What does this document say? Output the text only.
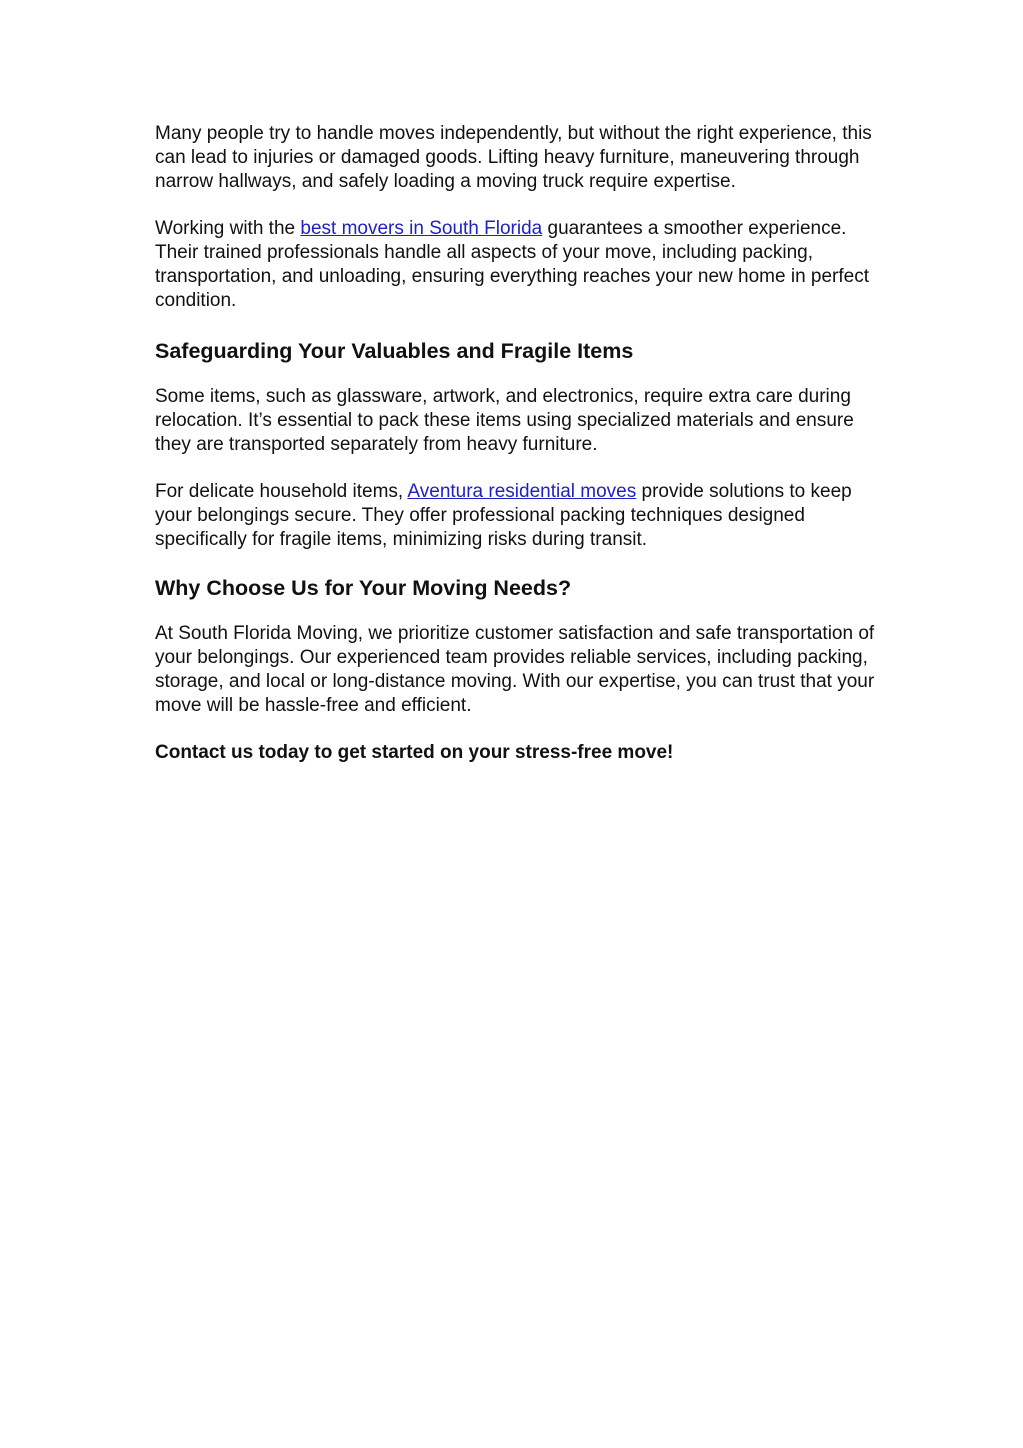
Many people try to handle moves independently, but without the right experience, this can lead to injuries or damaged goods. Lifting heavy furniture, maneuvering through narrow hallways, and safely loading a moving truck require expertise.

Working with the best movers in South Florida guarantees a smoother experience. Their trained professionals handle all aspects of your move, including packing, transportation, and unloading, ensuring everything reaches your new home in perfect condition.

Safeguarding Your Valuables and Fragile Items

Some items, such as glassware, artwork, and electronics, require extra care during relocation. It’s essential to pack these items using specialized materials and ensure they are transported separately from heavy furniture.

For delicate household items, Aventura residential moves provide solutions to keep your belongings secure. They offer professional packing techniques designed specifically for fragile items, minimizing risks during transit.

Why Choose Us for Your Moving Needs?

At South Florida Moving, we prioritize customer satisfaction and safe transportation of your belongings. Our experienced team provides reliable services, including packing, storage, and local or long-distance moving. With our expertise, you can trust that your move will be hassle-free and efficient.

Contact us today to get started on your stress-free move!
